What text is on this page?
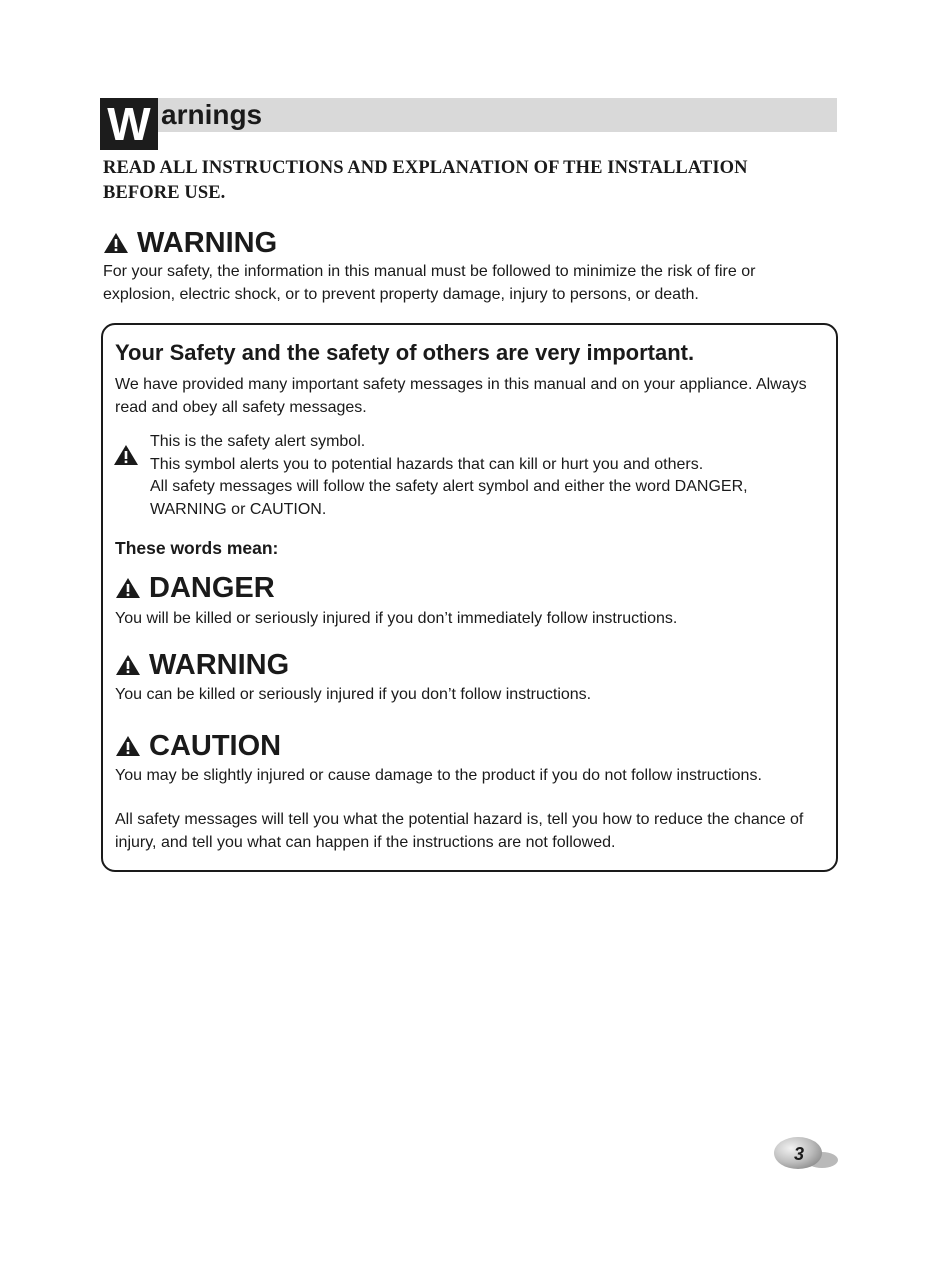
W arnings
READ ALL INSTRUCTIONS AND EXPLANATION OF THE INSTALLATION BEFORE USE.
WARNING
For your safety, the information in this manual must be followed to minimize the risk of fire or explosion, electric shock, or to prevent property damage, injury to persons, or death.
Your Safety and the safety of others are very important.
We have provided many important safety messages in this manual and on your appliance. Always read and obey all safety messages.
This is the safety alert symbol.
This symbol alerts you to potential hazards that can kill or hurt you and others.
All safety messages will follow the safety alert symbol and either the word DANGER, WARNING or CAUTION.
These words mean:
DANGER
You will be killed or seriously injured if you don’t immediately follow instructions.
WARNING
You can be killed or seriously injured if you don’t follow instructions.
CAUTION
You may be slightly injured or cause damage to the product if you do not follow instructions.
All safety messages will tell you what the potential hazard is, tell you how to reduce the chance of injury, and tell you what can happen if the instructions are not followed.
3
